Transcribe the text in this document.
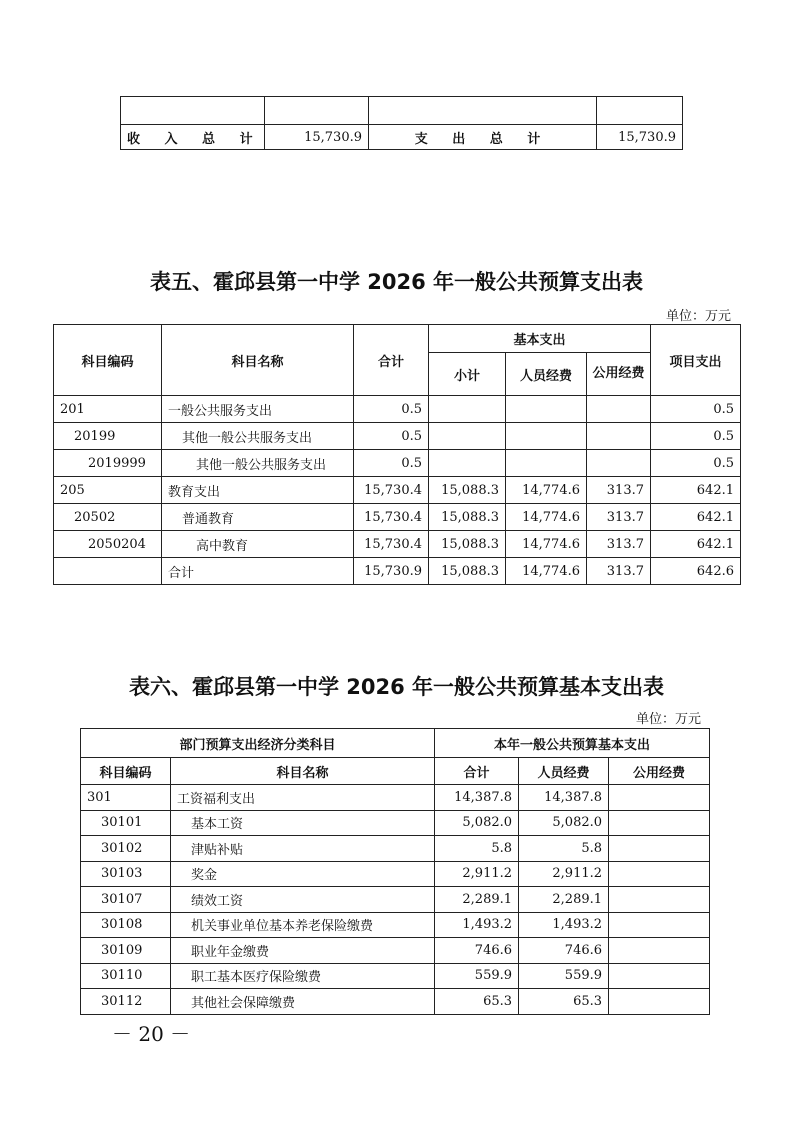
收 入 总 计	15,730.9	支 出 总 计	15,730.9
表五、霍邱县第一中学 2026 年一般公共预算支出表
单位：万元
科目编码	科目名称	合计	基本支出			项目支出
			小计	人员经费	公用经费	
201	一般公共服务支出	0.5				0.5
20199	其他一般公共服务支出	0.5				0.5
2019999	其他一般公共服务支出	0.5				0.5
205	教育支出	15,730.4	15,088.3	14,774.6	313.7	642.1
20502	普通教育	15,730.4	15,088.3	14,774.6	313.7	642.1
2050204	高中教育	15,730.4	15,088.3	14,774.6	313.7	642.1
	合计	15,730.9	15,088.3	14,774.6	313.7	642.6
表六、霍邱县第一中学 2026 年一般公共预算基本支出表
单位：万元
部门预算支出经济分类科目		本年一般公共预算基本支出		
科目编码	科目名称	合计	人员经费	公用经费
301	工资福利支出	14,387.8	14,387.8	
30101	基本工资	5,082.0	5,082.0	
30102	津贴补贴	5.8	5.8	
30103	奖金	2,911.2	2,911.2	
30107	绩效工资	2,289.1	2,289.1	
30108	机关事业单位基本养老保险缴费	1,493.2	1,493.2	
30109	职业年金缴费	746.6	746.6	
30110	职工基本医疗保险缴费	559.9	559.9	
30112	其他社会保障缴费	65.3	65.3	
－ 20 －
